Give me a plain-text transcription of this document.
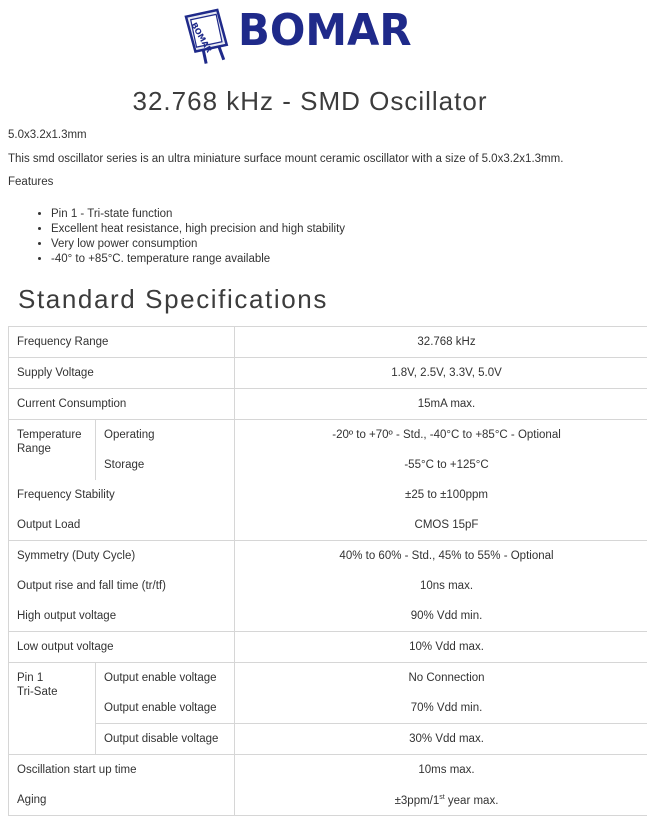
BOMAR BOMAR
32.768 kHz - SMD Oscillator
5.0x3.2x1.3mm
This smd oscillator series is an ultra miniature surface mount ceramic oscillator with a size of 5.0x3.2x1.3mm.
Features
• Pin 1 - Tri-state function
• Excellent heat resistance, high precision and high stability
• Very low power consumption
• -40° to +85°C. temperature range available
Standard Specifications
Frequency Range		32.768 kHz
Supply Voltage		1.8V, 2.5V, 3.3V, 5.0V
Current Consumption		15mA max.
Temperature Range	Operating	-20º to +70º - Std., -40°C to +85°C - Optional
	Storage	-55°C to +125°C
Frequency Stability		±25 to ±100ppm
Output Load		CMOS 15pF
Symmetry (Duty Cycle)		40% to 60% - Std., 45% to 55% - Optional
Output rise and fall time (tr/tf)		10ns max.
High output voltage		90% Vdd min.
Low output voltage		10% Vdd max.

Pin 1
Tri-Sate	Output enable voltage	No Connection
	Output enable voltage	70% Vdd min.
	Output disable voltage	30% Vdd max.
Oscillation start up time		10ms max.
Aging		±3ppm/1st year max.
